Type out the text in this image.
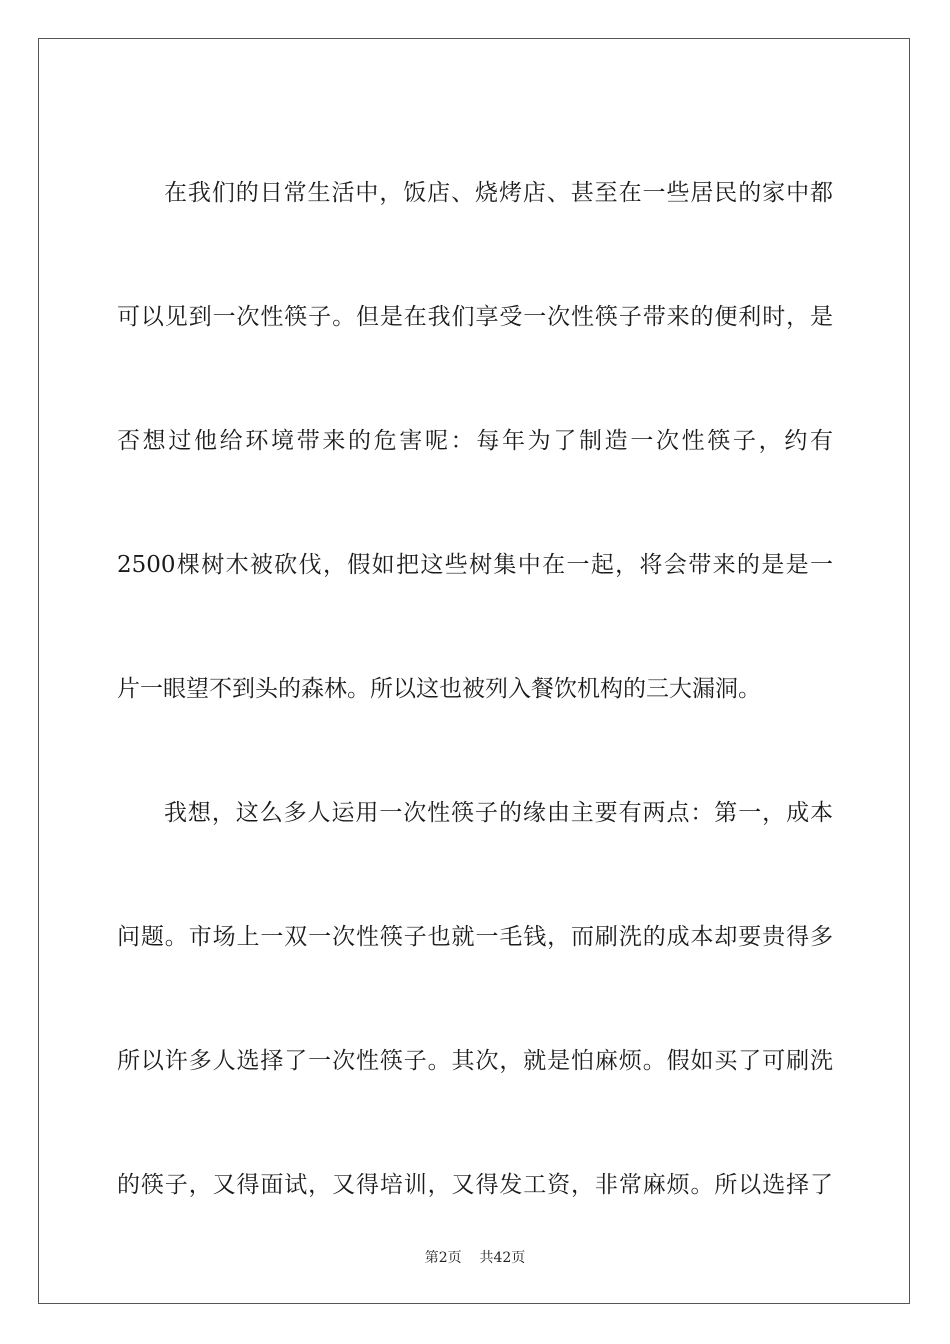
在我们的日常生活中，饭店、烧烤店、甚至在一些居民的家中都
可以见到一次性筷子。但是在我们享受一次性筷子带来的便利时，是
否想过他给环境带来的危害呢：每年为了制造一次性筷子，约有
2500棵树木被砍伐，假如把这些树集中在一起，将会带来的是是一
片一眼望不到头的森林。所以这也被列入餐饮机构的三大漏洞。
我想，这么多人运用一次性筷子的缘由主要有两点：第一，成本
问题。市场上一双一次性筷子也就一毛钱，而刷洗的成本却要贵得多
所以许多人选择了一次性筷子。其次，就是怕麻烦。假如买了可刷洗
的筷子，又得面试，又得培训，又得发工资，非常麻烦。所以选择了
第2页 共42页
